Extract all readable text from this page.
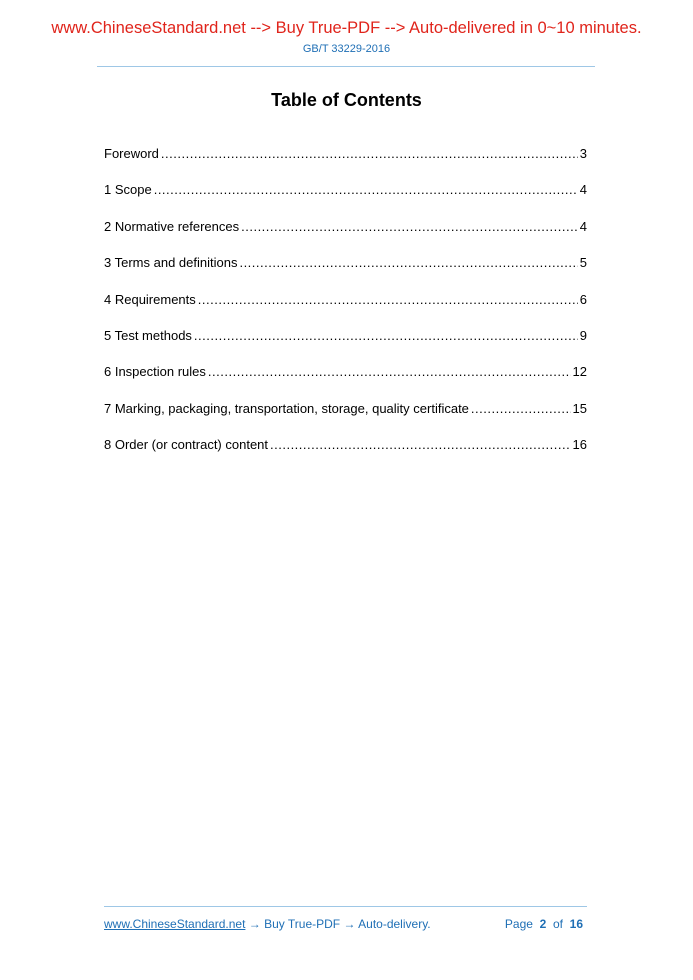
www.ChineseStandard.net --> Buy True-PDF --> Auto-delivered in 0~10 minutes.
GB/T 33229-2016
Table of Contents
Foreword .....	3
1 Scope .....	4
2 Normative references .....	4
3 Terms and definitions .....	5
4 Requirements .....	6
5 Test methods .....	9
6 Inspection rules .....	12
7 Marking, packaging, transportation, storage, quality certificate .....	15
8 Order (or contract) content .....	16
www.ChineseStandard.net → Buy True-PDF → Auto-delivery.	Page 2 of 16
